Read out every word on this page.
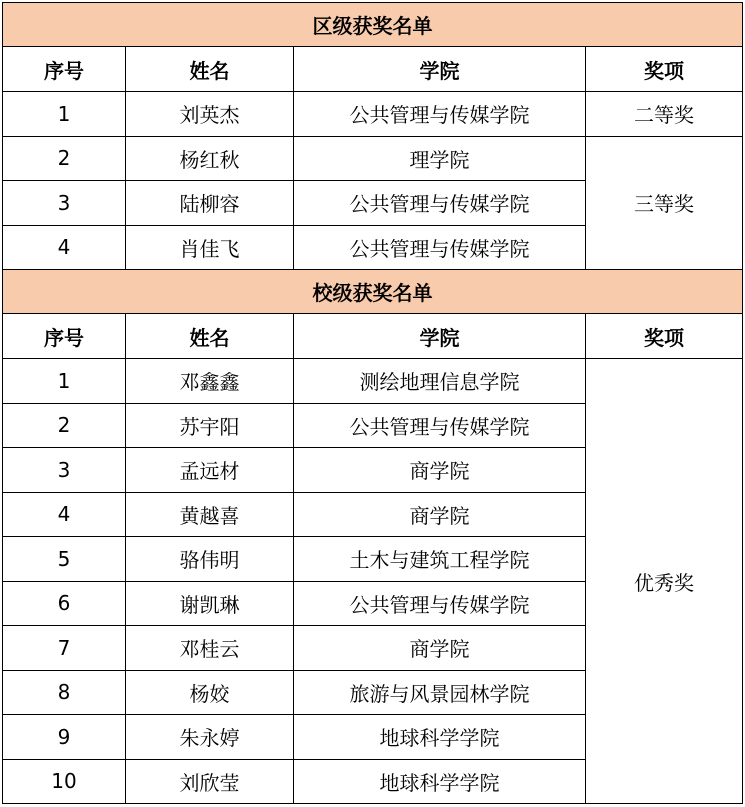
区级获奖名单			
序号	姓名	学院	奖项
1	刘英杰	公共管理与传媒学院	二等奖
2	杨红秋	理学院	三等奖
3	陆柳容	公共管理与传媒学院	
4	肖佳飞	公共管理与传媒学院	
校级获奖名单			
序号	姓名	学院	奖项
1	邓鑫鑫	测绘地理信息学院	优秀奖
2	苏宇阳	公共管理与传媒学院	
3	孟远材	商学院	
4	黄越喜	商学院	
5	骆伟明	土木与建筑工程学院	
6	谢凯琳	公共管理与传媒学院	
7	邓桂云	商学院	
8	杨姣	旅游与风景园林学院	
9	朱永婷	地球科学学院	
10	刘欣莹	地球科学学院	
